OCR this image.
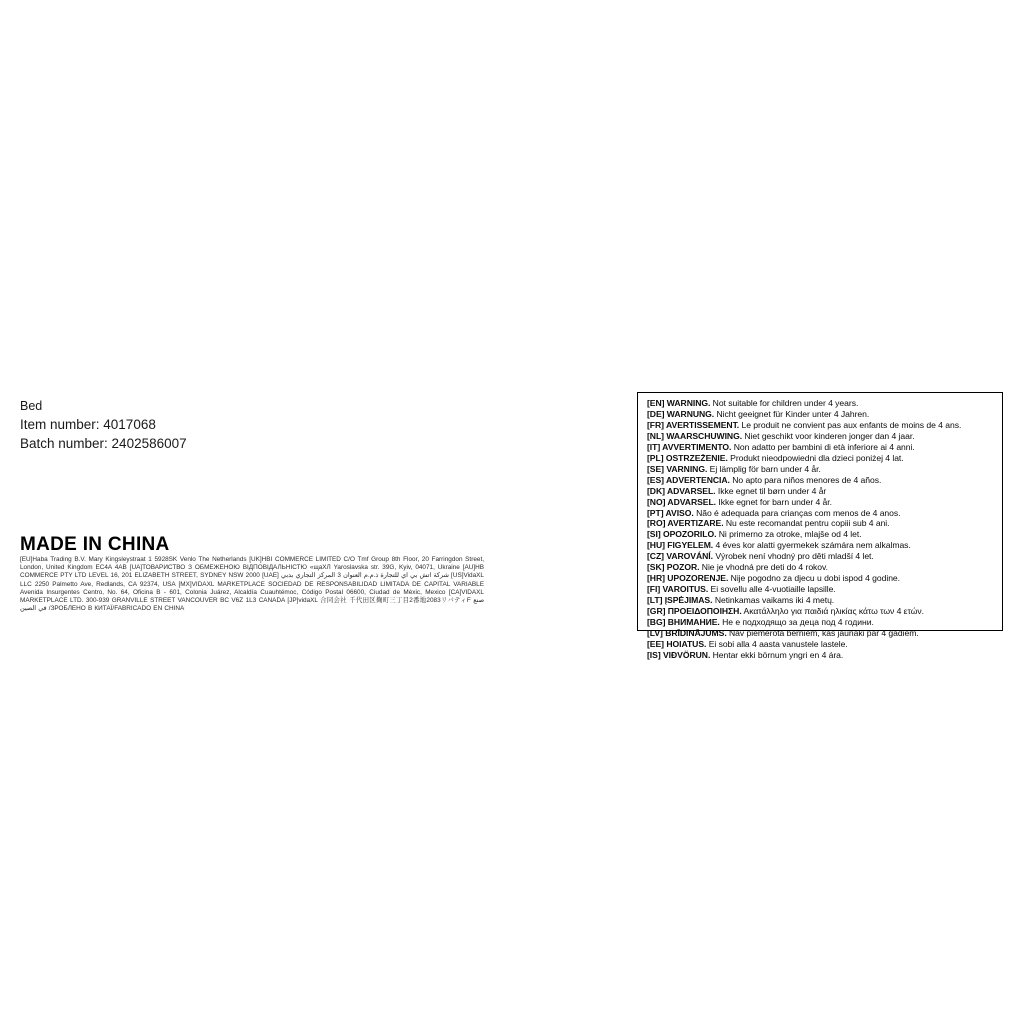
Bed
Item number: 4017068
Batch number: 2402586007
MADE IN CHINA
[EU]Haba Trading B.V. Mary Kingsleystraat 1 5928SK Venlo The Netherlands [UK]HBI COMMERCE LIMITED C/O Tmf Group 8th Floor, 20 Farringdon Street, London, United Kingdom EC4A 4AB [UA]ТОВАРИСТВО З ОБМЕЖЕНОЮ ВІДПОВІДАЛЬНІСТЮ «щаХЛ Yaroslavska str. 39G, Kyiv, 04071, Ukraine [AU]HB COMMERCE PTY LTD LEVEL 16, 201 ELIZABETH STREET, SYDNEY NSW 2000 [UAE] شركة اتش بي اي للتجارة ذ.م.م العنوان 3 المركز التجاري بدبي [US]VidaXL LLC 2250 Palmetto Ave, Redlands, CA 92374, USA [MX]VIDAXL MARKETPLACE SOCIEDAD DE RESPONSABILIDAD LIMITADA DE CAPITAL VARIABLE Avenida Insurgentes Centro, No. 64, Oficina B - 601, Colonia Juárez, Alcaldía Cuauhtémoc, Código Postal 06600, Ciudad de Méxic, Mexico [CA]VIDAXL MARKETPLACE LTD. 300-939 GRANVILLE STREET VANCOUVER BC V6Z 1L3 CANADA [JP]vidaXL 合同会社 千代田区麹町三丁目2番地2083リバティF صنع في الصين /ЗРОБЛЕНО В КИТАЇ/FABRICADO EN CHINA
[EN] WARNING. Not suitable for children under 4 years.
[DE] WARNUNG. Nicht geeignet für Kinder unter 4 Jahren.
[FR] AVERTISSEMENT. Le produit ne convient pas aux enfants de moins de 4 ans.
[NL] WAARSCHUWING. Niet geschikt voor kinderen jonger dan 4 jaar.
[IT] AVVERTIMENTO. Non adatto per bambini di età inferiore ai 4 anni.
[PL] OSTRZEŻENIE. Produkt nieodpowiedni dla dzieci poniżej 4 lat.
[SE] VARNING. Ej lämplig för barn under 4 år.
[ES] ADVERTENCIA. No apto para niños menores de 4 años.
[DK] ADVARSEL. Ikke egnet til børn under 4 år
[NO] ADVARSEL. Ikke egnet for barn under 4 år.
[PT] AVISO. Não é adequada para crianças com menos de 4 anos.
[RO] AVERTIZARE. Nu este recomandat pentru copiii sub 4 ani.
[SI] OPOZORILO. Ni primerno za otroke, mlajše od 4 let.
[HU] FIGYELEM. 4 éves kor alatti gyermekek számára nem alkalmas.
[CZ] VAROVÁNÍ. Výrobek není vhodný pro děti mladší 4 let.
[SK] POZOR. Nie je vhodná pre deti do 4 rokov.
[HR] UPOZORENJE. Nije pogodno za djecu u dobi ispod 4 godine.
[FI] VAROITUS. Ei sovellu alle 4-vuotiaille lapsille.
[LT] ĮSPĖJIMAS. Netinkamas vaikams iki 4 metų.
[GR] ΠΡΟΕΙΔΟΠΟΙΗΣΗ. Ακατάλληλο για παιδιά ηλικίας κάτω των 4 ετών.
[BG] ВНИМАНИЕ. Не е подходящо за деца под 4 години.
[LV] BRĪDINĀJUMS. Nav piemērota bērniem, kas jaunāki par 4 gadiem.
[EE] HOIATUS. Ei sobi alla 4 aasta vanustele lastele.
[IS] VIÐVÖRUN. Hentar ekki börnum yngri en 4 ára.
